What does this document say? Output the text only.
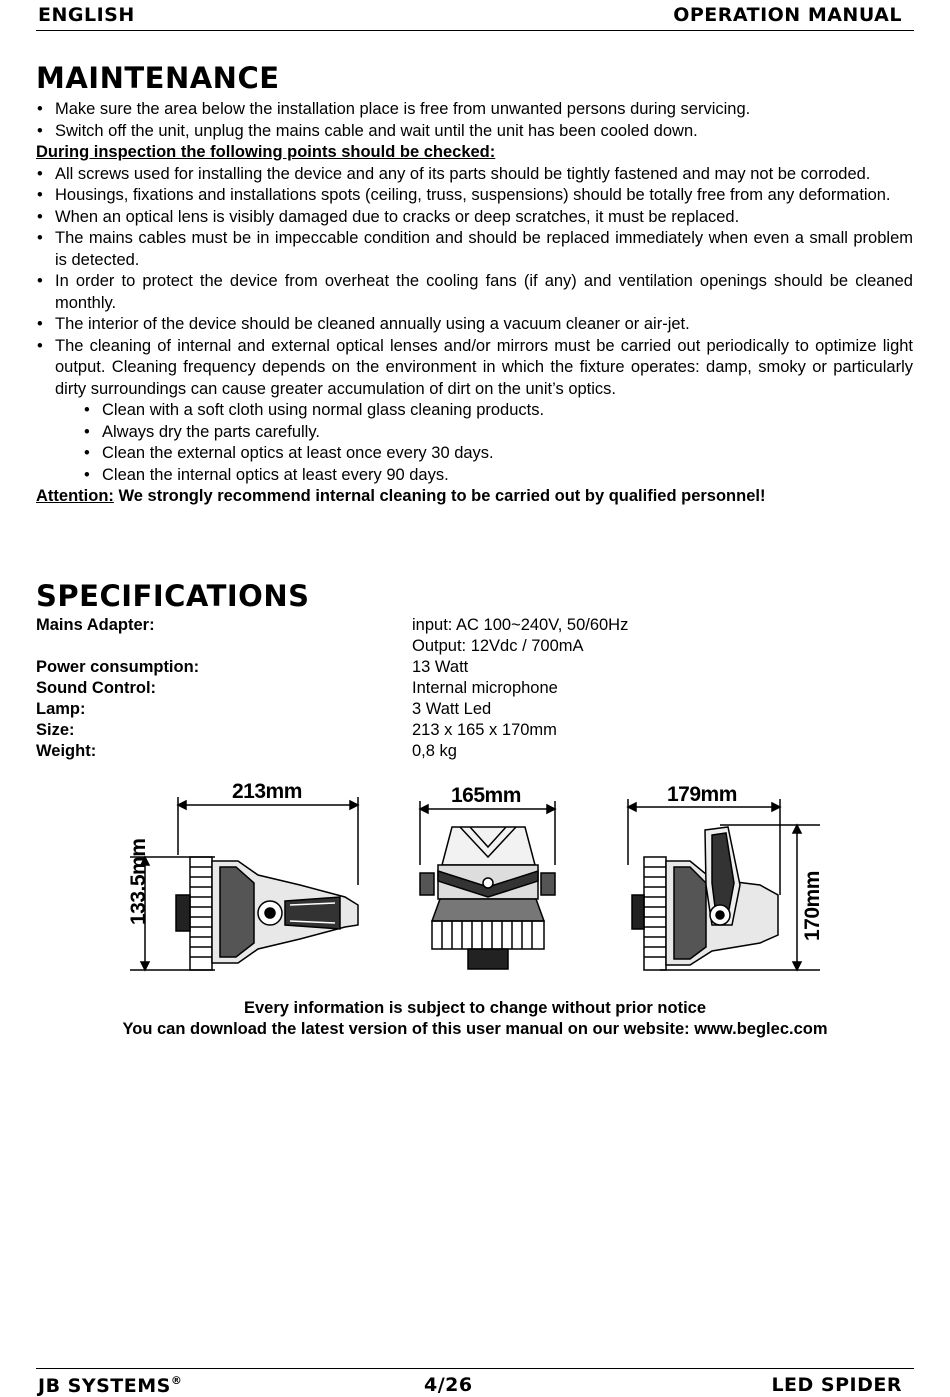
ENGLISH	OPERATION MANUAL
MAINTENANCE
• Make sure the area below the installation place is free from unwanted persons during servicing.
• Switch off the unit, unplug the mains cable and wait until the unit has been cooled down.
During inspection the following points should be checked:
• All screws used for installing the device and any of its parts should be tightly fastened and may not be corroded.
• Housings, fixations and installations spots (ceiling, truss, suspensions) should be totally free from any deformation.
• When an optical lens is visibly damaged due to cracks or deep scratches, it must be replaced.
• The mains cables must be in impeccable condition and should be replaced immediately when even a small problem is detected.
• In order to protect the device from overheat the cooling fans (if any) and ventilation openings should be cleaned monthly.
• The interior of the device should be cleaned annually using a vacuum cleaner or air-jet.
• The cleaning of internal and external optical lenses and/or mirrors must be carried out periodically to optimize light output. Cleaning frequency depends on the environment in which the fixture operates: damp, smoky or particularly dirty surroundings can cause greater accumulation of dirt on the unit’s optics.
• Clean with a soft cloth using normal glass cleaning products.
• Always dry the parts carefully.
• Clean the external optics at least once every 30 days.
• Clean the internal optics at least every 90 days.
Attention: We strongly recommend internal cleaning to be carried out by qualified personnel!
SPECIFICATIONS
Mains Adapter:	input: AC 100~240V, 50/60Hz
Output: 12Vdc / 700mA
Power consumption:	13 Watt
Sound Control:	Internal microphone
Lamp:	3 Watt Led
Size:	213 x 165 x 170mm
Weight:	0,8 kg
213mm
133.5mm
165mm	179mm
170mm
Every information is subject to change without prior notice
You can download the latest version of this user manual on our website: www.beglec.com
JB SYSTEMS®	4/26	LED SPIDER
